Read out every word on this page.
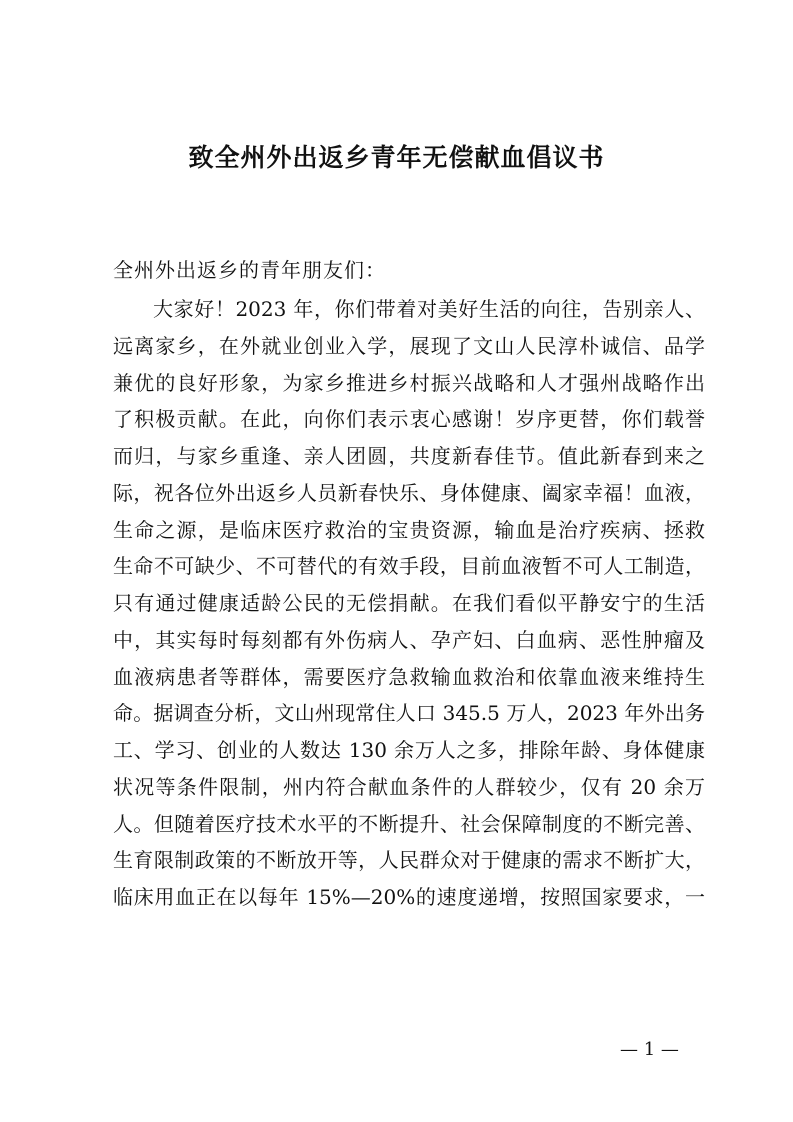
致全州外出返乡青年无偿献血倡议书
全州外出返乡的青年朋友们：
大家好！2023 年，你们带着对美好生活的向往，告别亲人、
远离家乡，在外就业创业入学，展现了文山人民淳朴诚信、品学
兼优的良好形象，为家乡推进乡村振兴战略和人才强州战略作出
了积极贡献。在此，向你们表示衷心感谢！岁序更替，你们载誉
而归，与家乡重逢、亲人团圆，共度新春佳节。值此新春到来之
际，祝各位外出返乡人员新春快乐、身体健康、阖家幸福！血液，
生命之源，是临床医疗救治的宝贵资源，输血是治疗疾病、拯救
生命不可缺少、不可替代的有效手段，目前血液暂不可人工制造，
只有通过健康适龄公民的无偿捐献。在我们看似平静安宁的生活
中，其实每时每刻都有外伤病人、孕产妇、白血病、恶性肿瘤及
血液病患者等群体，需要医疗急救输血救治和依靠血液来维持生
命。据调查分析，文山州现常住人口 345.5 万人，2023 年外出务
工、学习、创业的人数达 130 余万人之多，排除年龄、身体健康
状况等条件限制，州内符合献血条件的人群较少，仅有 20 余万
人。但随着医疗技术水平的不断提升、社会保障制度的不断完善、
生育限制政策的不断放开等，人民群众对于健康的需求不断扩大，
临床用血正在以每年 15%—20%的速度递增，按照国家要求，一
— 1 —
